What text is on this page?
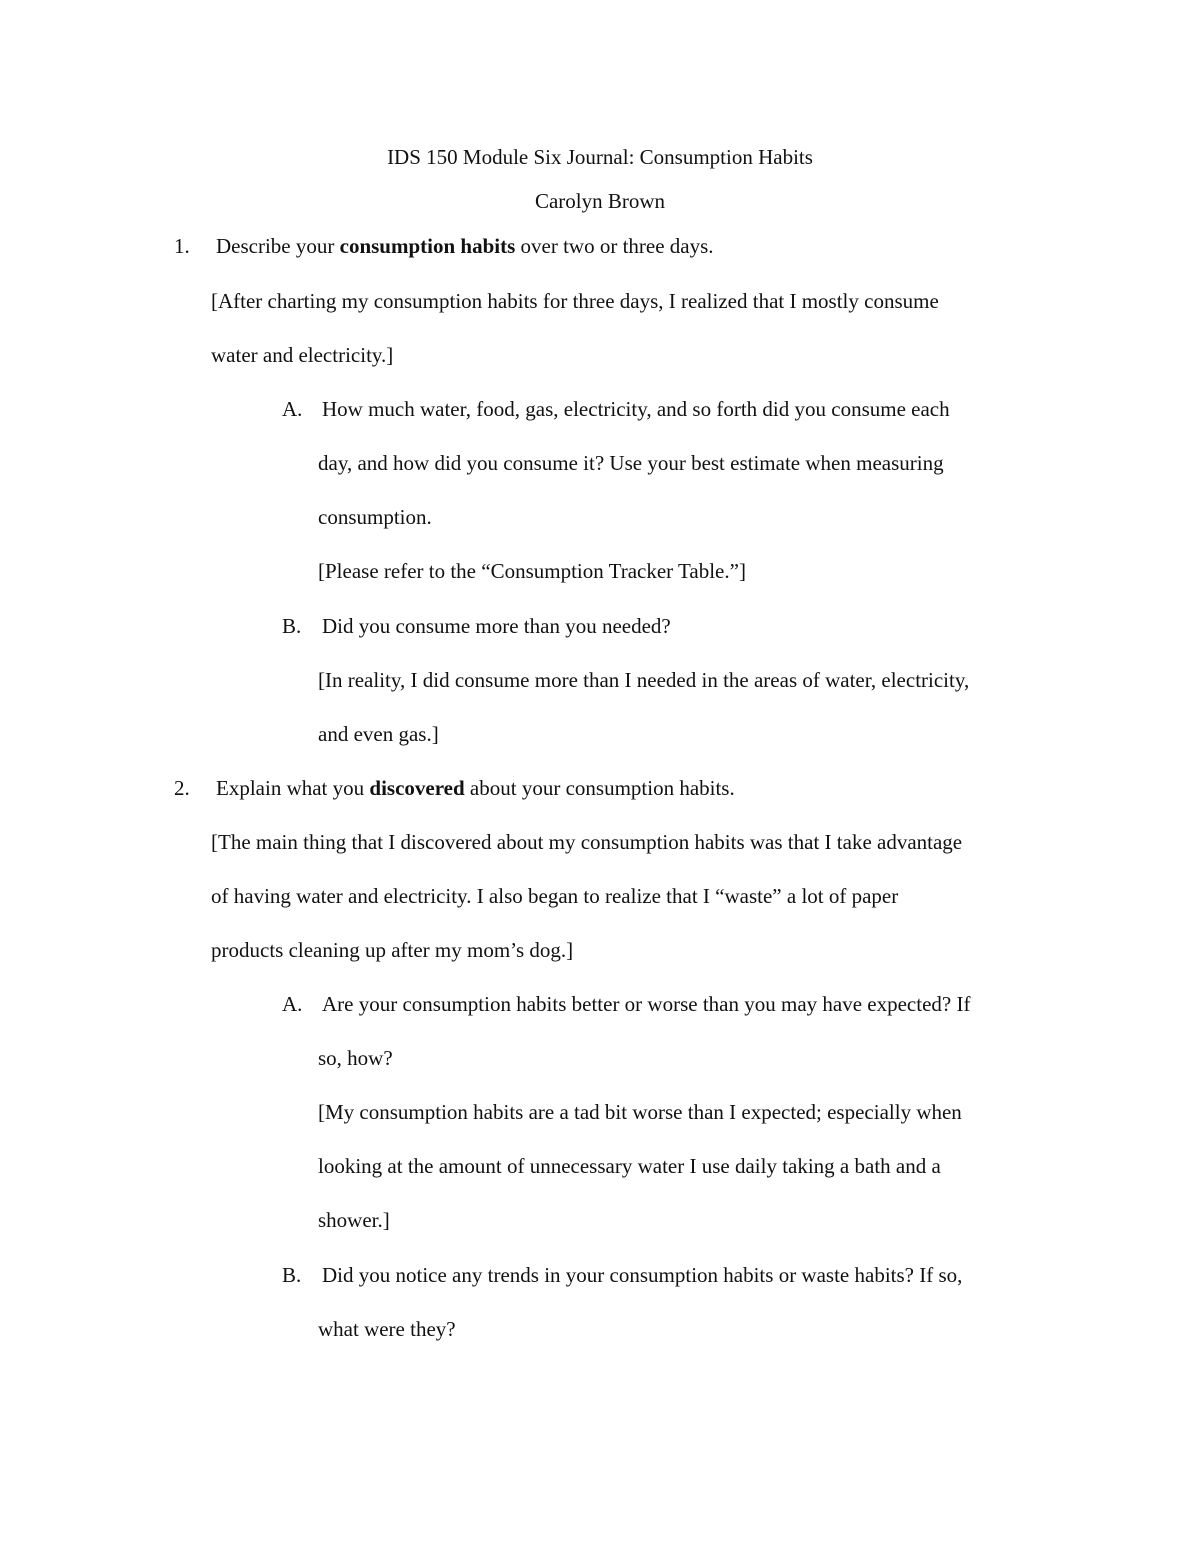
IDS 150 Module Six Journal: Consumption Habits
Carolyn Brown
1. Describe your consumption habits over two or three days.
[After charting my consumption habits for three days, I realized that I mostly consume
water and electricity.]
A. How much water, food, gas, electricity, and so forth did you consume each
day, and how did you consume it? Use your best estimate when measuring
consumption.
[Please refer to the “Consumption Tracker Table.”]
B. Did you consume more than you needed?
[In reality, I did consume more than I needed in the areas of water, electricity,
and even gas.]
2. Explain what you discovered about your consumption habits.
[The main thing that I discovered about my consumption habits was that I take advantage
of having water and electricity. I also began to realize that I “waste” a lot of paper
products cleaning up after my mom’s dog.]
A. Are your consumption habits better or worse than you may have expected? If
so, how?
[My consumption habits are a tad bit worse than I expected; especially when
looking at the amount of unnecessary water I use daily taking a bath and a
shower.]
B. Did you notice any trends in your consumption habits or waste habits? If so,
what were they?
